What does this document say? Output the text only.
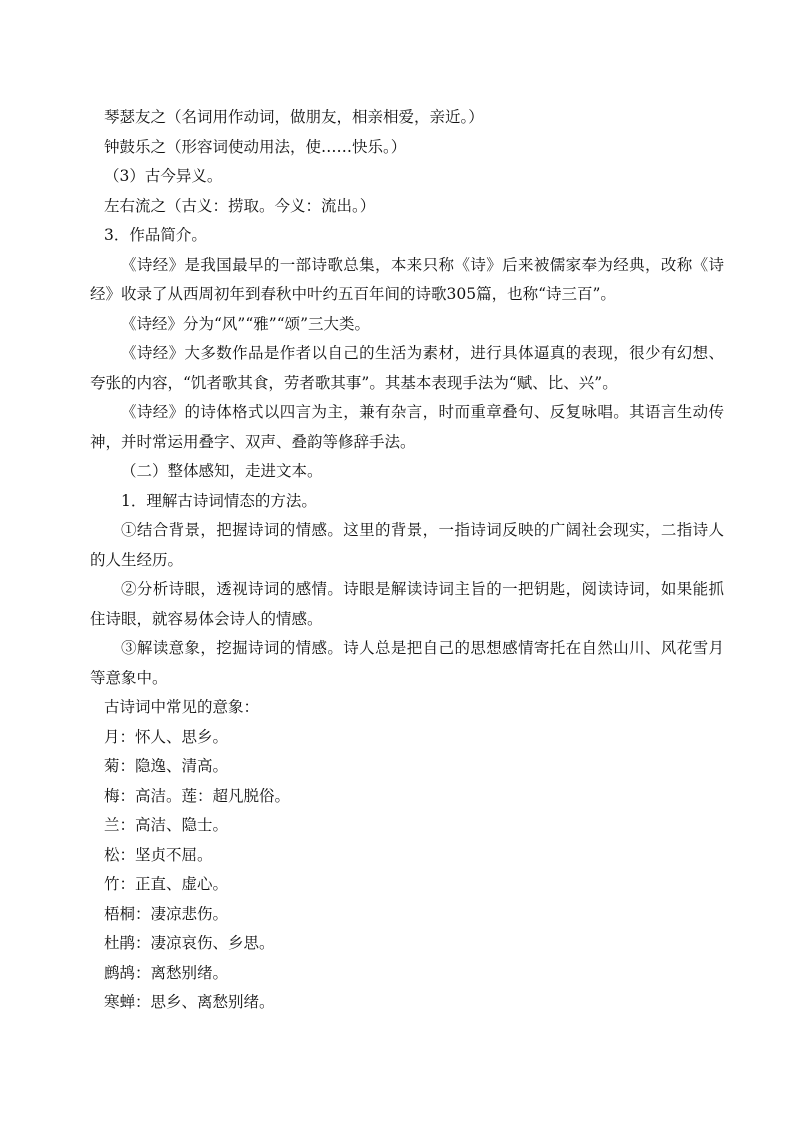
琴瑟友之（名词用作动词，做朋友，相亲相爱，亲近。）
钟鼓乐之（形容词使动用法，使……快乐。）
（3）古今异义。
左右流之（古义：捞取。今义：流出。）
3．作品简介。
《诗经》是我国最早的一部诗歌总集，本来只称《诗》后来被儒家奉为经典，改称《诗经》收录了从西周初年到春秋中叶约五百年间的诗歌305篇，也称“诗三百”。
《诗经》分为“风”“雅”“颂”三大类。
《诗经》大多数作品是作者以自己的生活为素材，进行具体逼真的表现，很少有幻想、夸张的内容，“饥者歌其食，劳者歌其事”。其基本表现手法为“赋、比、兴”。
《诗经》的诗体格式以四言为主，兼有杂言，时而重章叠句、反复咏唱。其语言生动传神，并时常运用叠字、双声、叠韵等修辞手法。
（二）整体感知，走进文本。
1．理解古诗词情态的方法。
①结合背景，把握诗词的情感。这里的背景，一指诗词反映的广阔社会现实，二指诗人的人生经历。
②分析诗眼，透视诗词的感情。诗眼是解读诗词主旨的一把钥匙，阅读诗词，如果能抓住诗眼，就容易体会诗人的情感。
③解读意象，挖掘诗词的情感。诗人总是把自己的思想感情寄托在自然山川、风花雪月等意象中。
古诗词中常见的意象：
月：怀人、思乡。
菊：隐逸、清高。
梅：高洁。莲：超凡脱俗。
兰：高洁、隐士。
松：坚贞不屈。
竹：正直、虚心。
梧桐：凄凉悲伤。
杜鹃：凄凉哀伤、乡思。
鹧鸪：离愁别绪。
寒蝉：思乡、离愁别绪。
